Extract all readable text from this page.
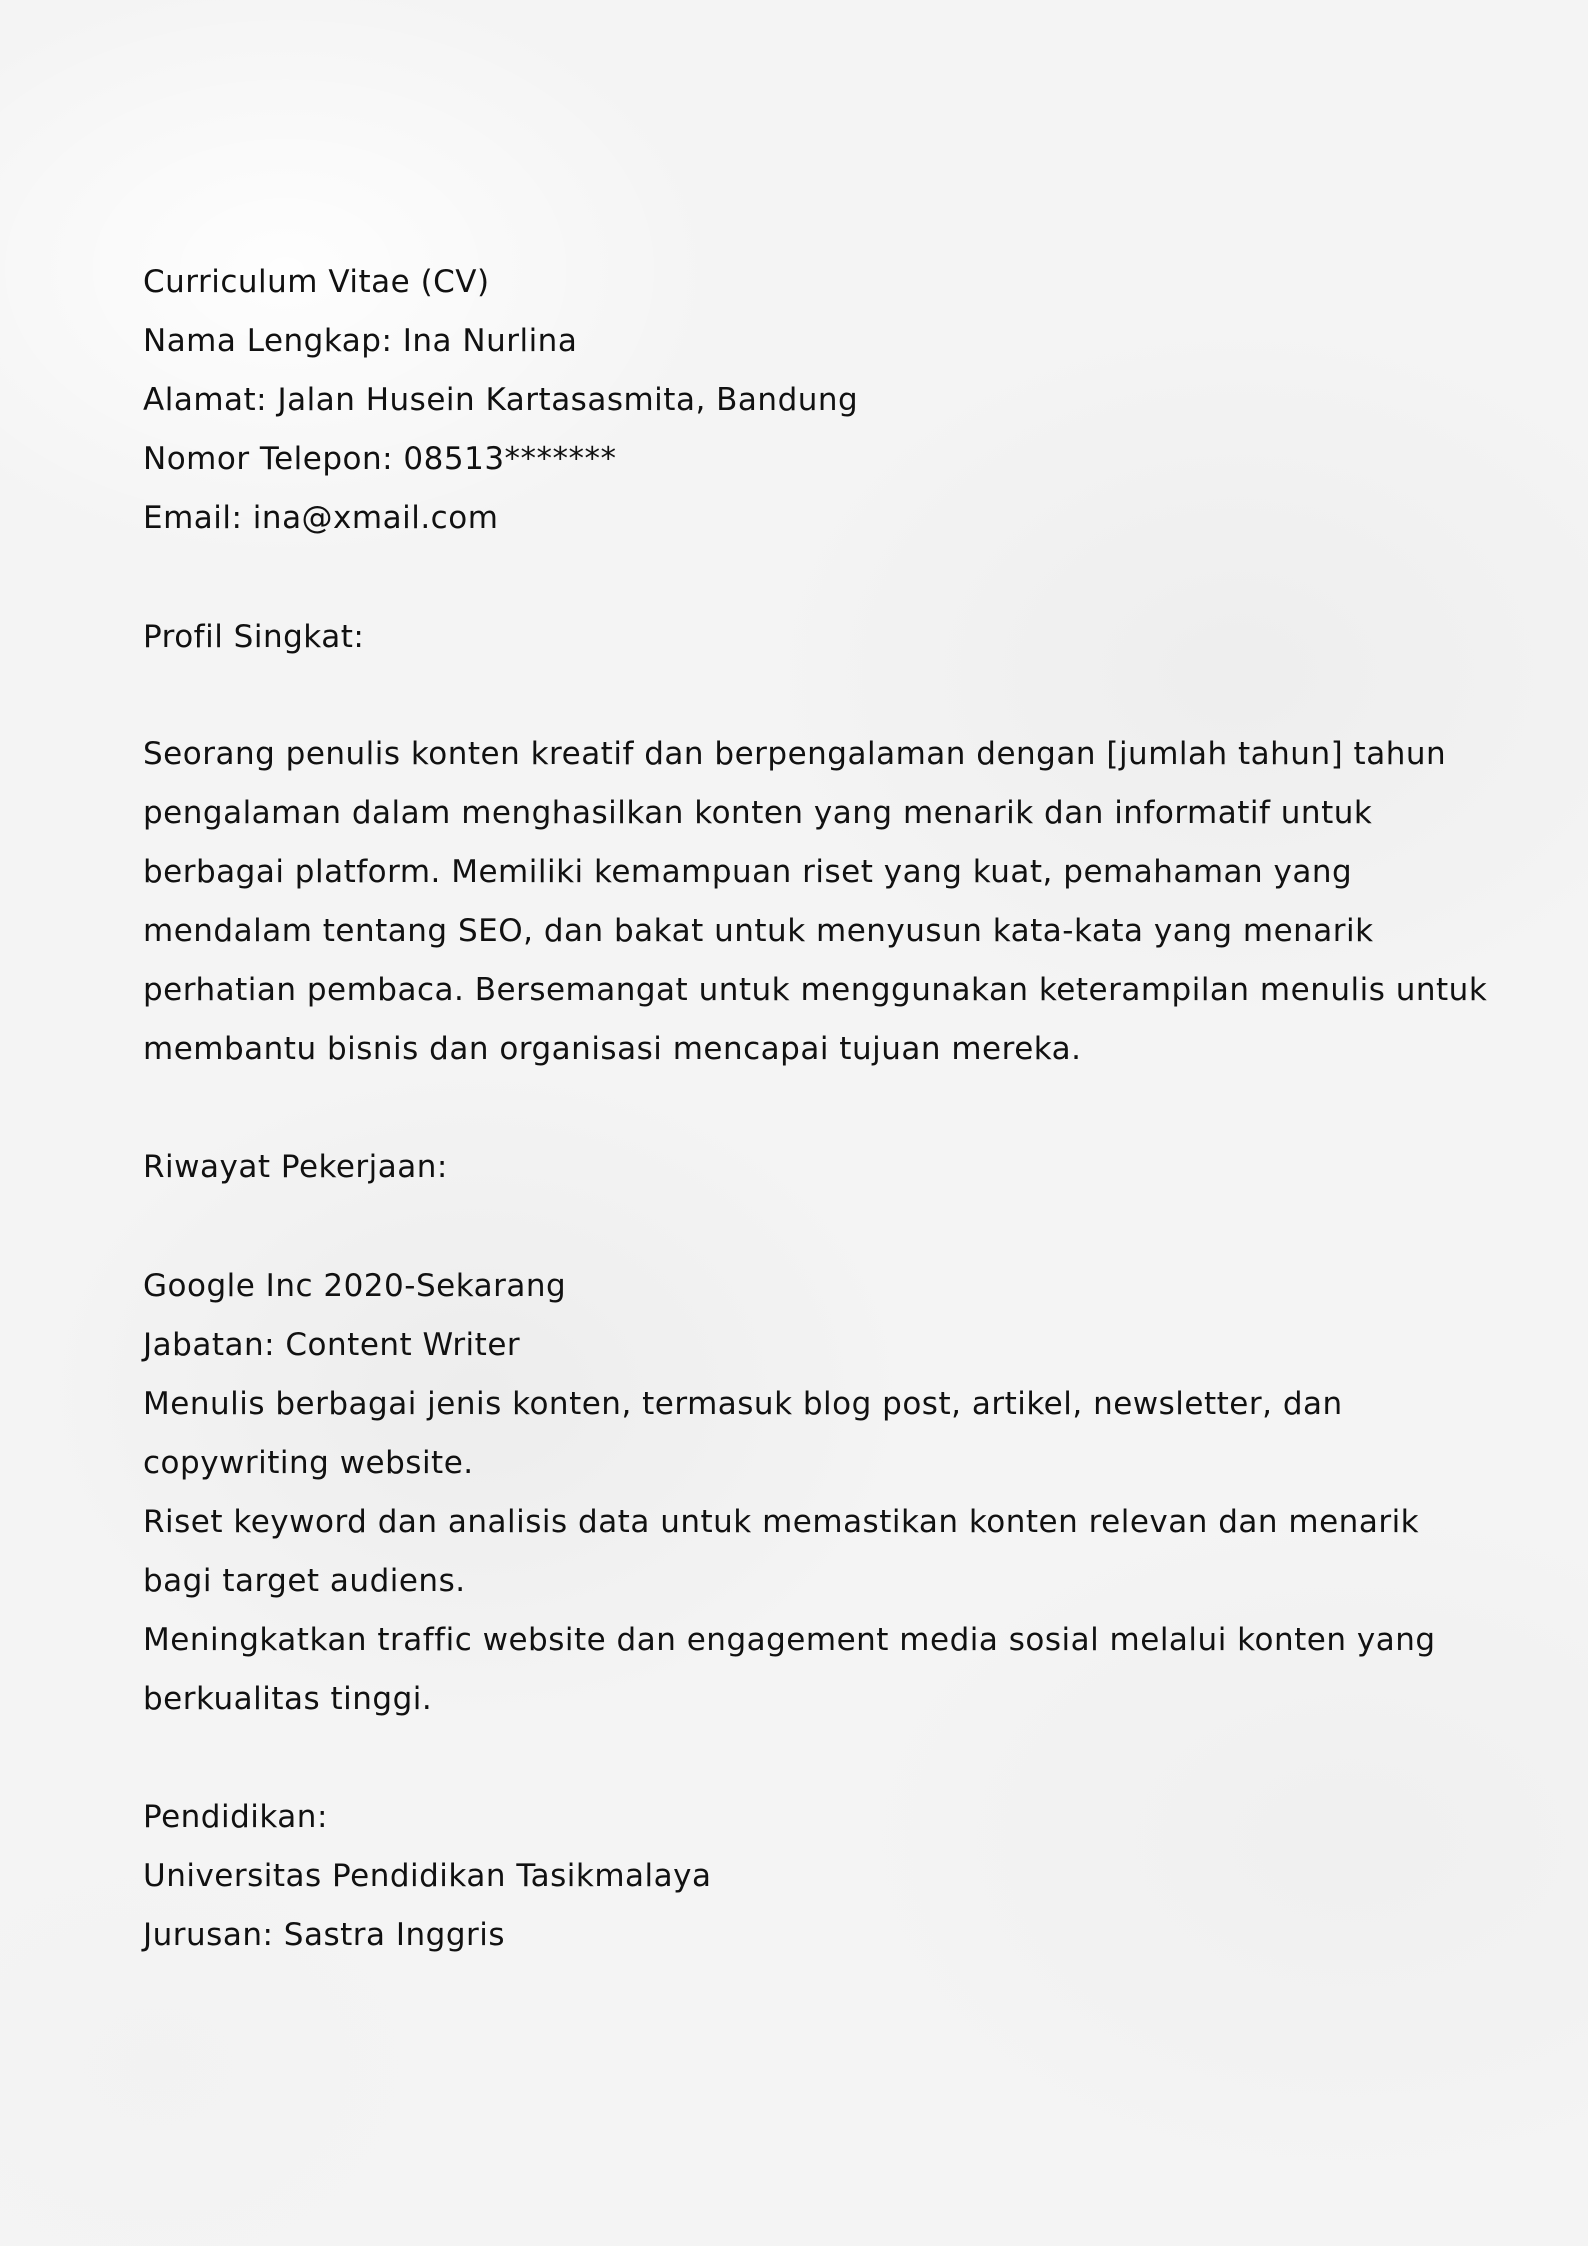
Curriculum Vitae (CV)
Nama Lengkap: Ina Nurlina
Alamat: Jalan Husein Kartasasmita, Bandung
Nomor Telepon: 08513*******
Email: ina@xmail.com
Profil Singkat:
Seorang penulis konten kreatif dan berpengalaman dengan [jumlah tahun] tahun
pengalaman dalam menghasilkan konten yang menarik dan informatif untuk
berbagai platform. Memiliki kemampuan riset yang kuat, pemahaman yang
mendalam tentang SEO, dan bakat untuk menyusun kata-kata yang menarik
perhatian pembaca. Bersemangat untuk menggunakan keterampilan menulis untuk
membantu bisnis dan organisasi mencapai tujuan mereka.
Riwayat Pekerjaan:
Google Inc 2020-Sekarang
Jabatan: Content Writer
Menulis berbagai jenis konten, termasuk blog post, artikel, newsletter, dan
copywriting website.
Riset keyword dan analisis data untuk memastikan konten relevan dan menarik
bagi target audiens.
Meningkatkan traffic website dan engagement media sosial melalui konten yang
berkualitas tinggi.
Pendidikan:
Universitas Pendidikan Tasikmalaya
Jurusan: Sastra Inggris
